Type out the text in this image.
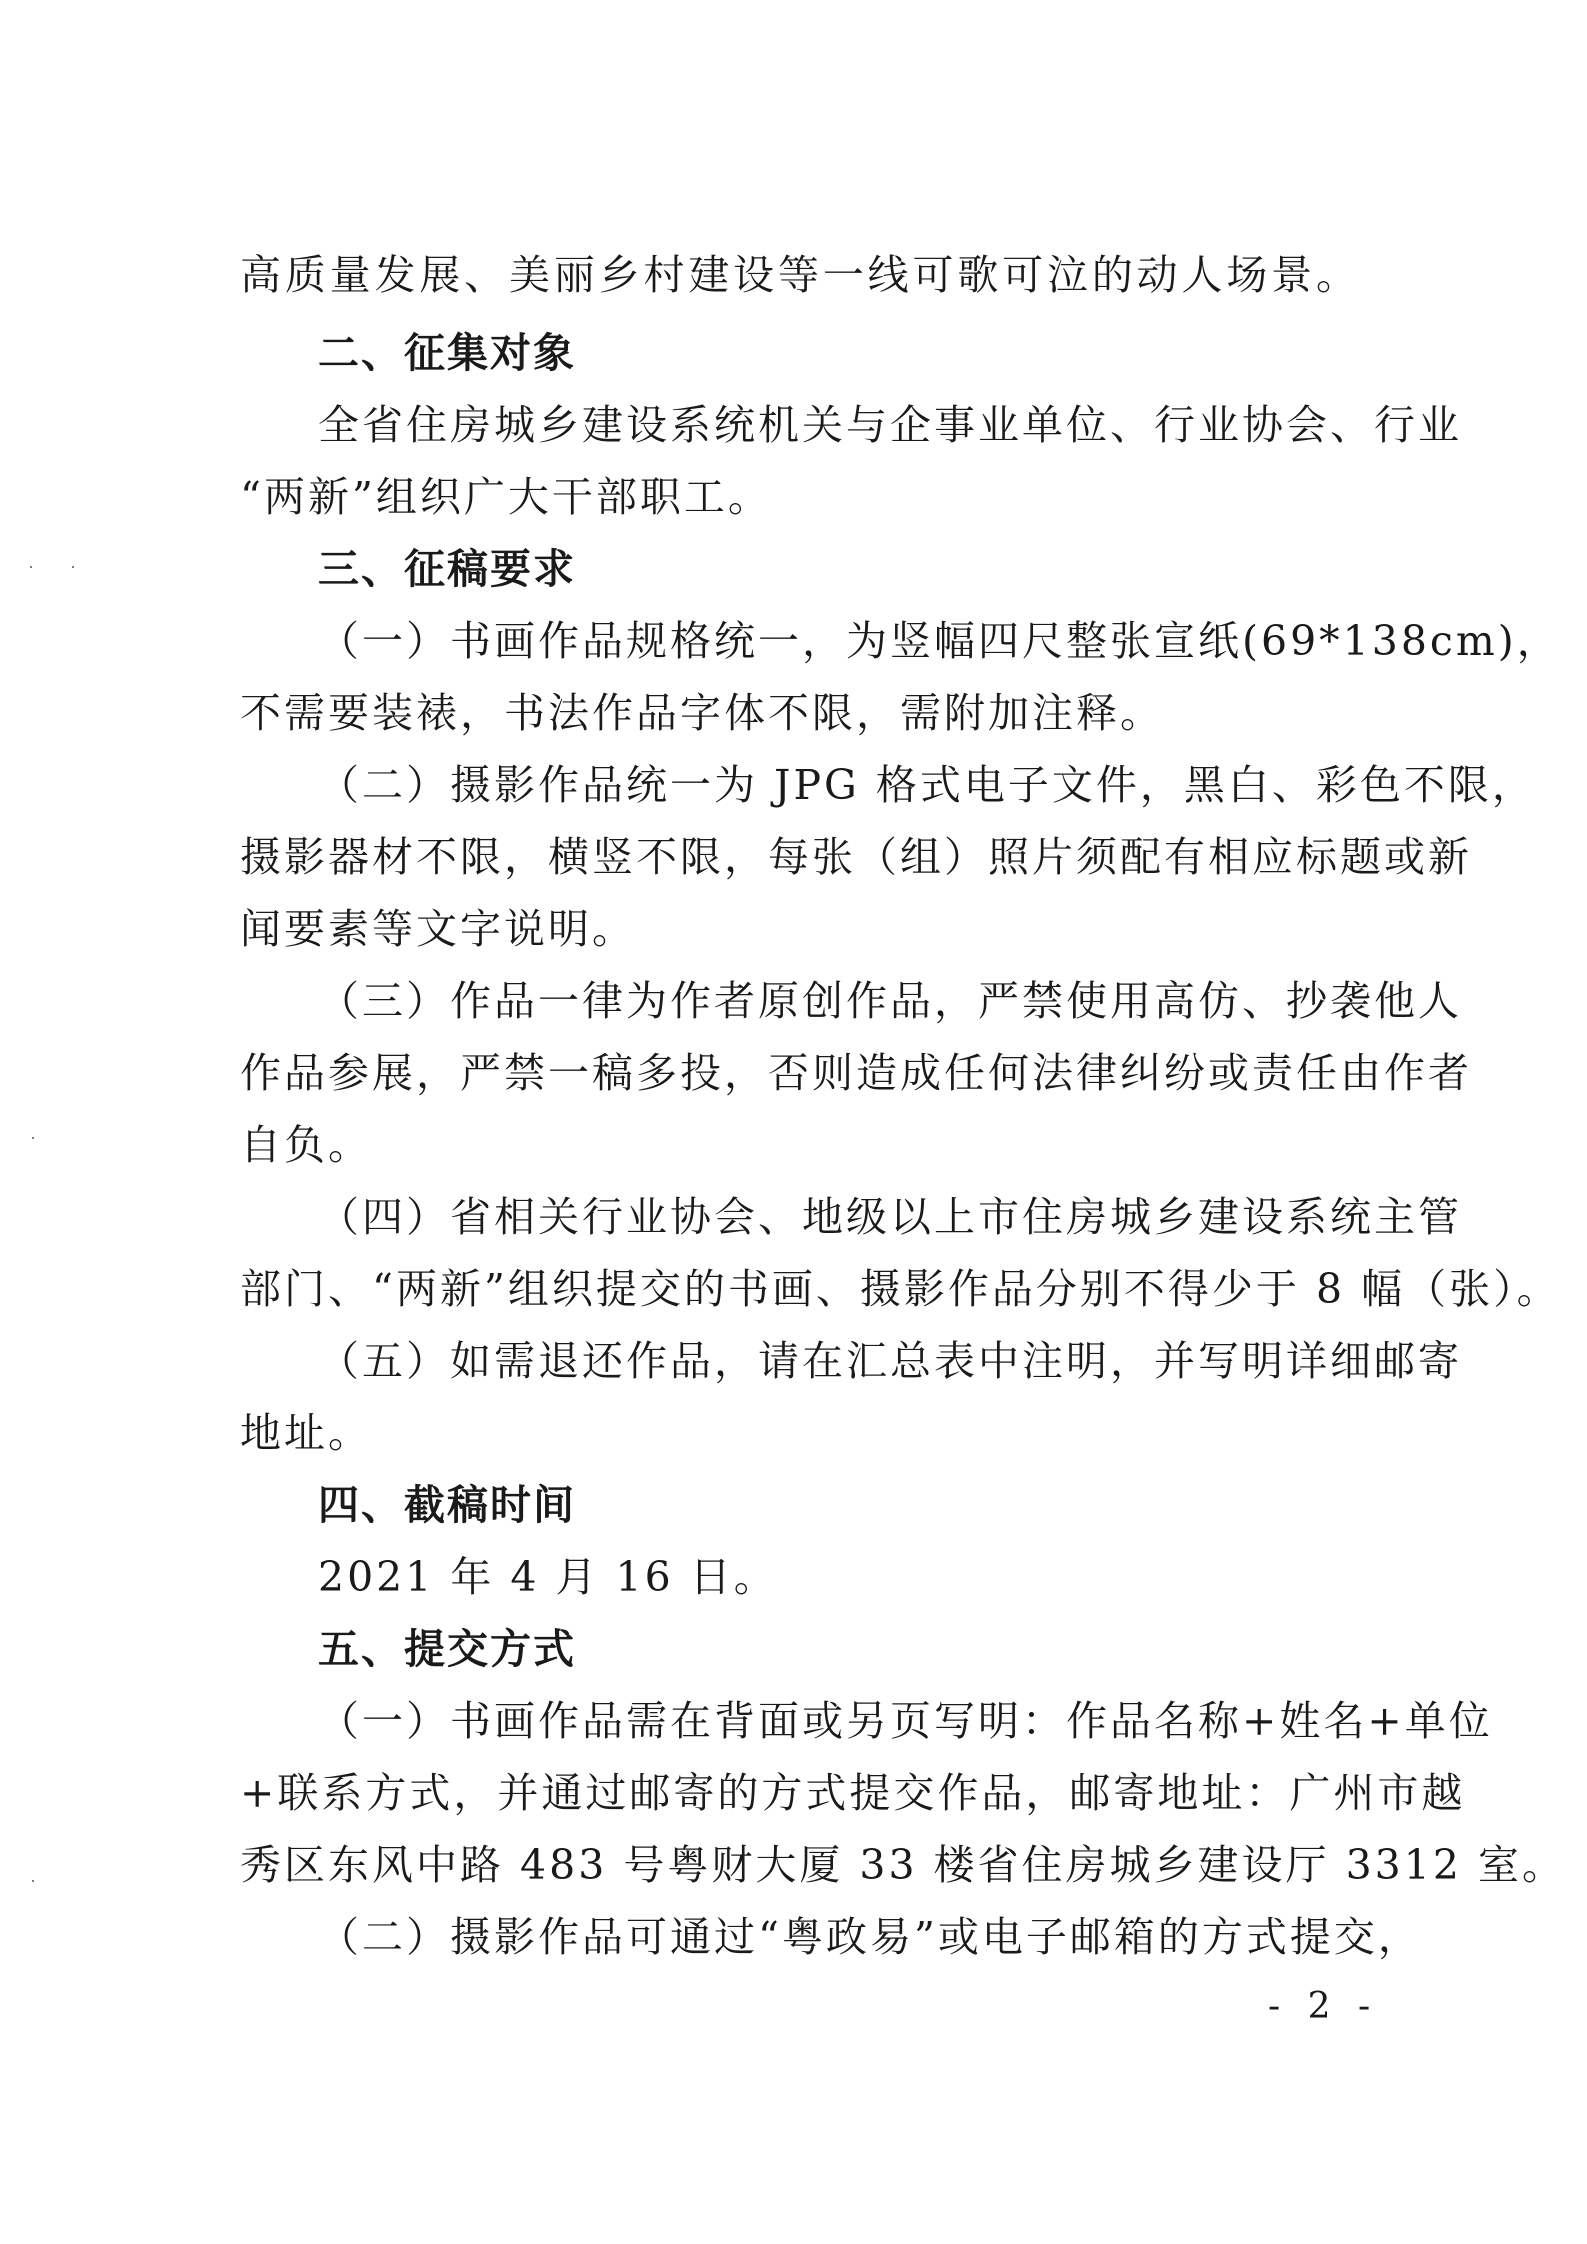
高质量发展、美丽乡村建设等一线可歌可泣的动人场景。
二、征集对象
全省住房城乡建设系统机关与企事业单位、行业协会、行业
“两新”组织广大干部职工。
三、征稿要求
（一）书画作品规格统一，为竖幅四尺整张宣纸(69*138cm)，
不需要装裱，书法作品字体不限，需附加注释。
（二）摄影作品统一为 JPG 格式电子文件，黑白、彩色不限，
摄影器材不限，横竖不限，每张（组）照片须配有相应标题或新
闻要素等文字说明。
（三）作品一律为作者原创作品，严禁使用高仿、抄袭他人
作品参展，严禁一稿多投，否则造成任何法律纠纷或责任由作者
自负。
（四）省相关行业协会、地级以上市住房城乡建设系统主管
部门、“两新”组织提交的书画、摄影作品分别不得少于 8 幅（张）。
（五）如需退还作品，请在汇总表中注明，并写明详细邮寄
地址。
四、截稿时间
2021 年 4 月 16 日。
五、提交方式
（一）书画作品需在背面或另页写明：作品名称+姓名+单位
+联系方式，并通过邮寄的方式提交作品，邮寄地址：广州市越
秀区东风中路 483 号粤财大厦 33 楼省住房城乡建设厅 3312 室。
（二）摄影作品可通过“粤政易”或电子邮箱的方式提交，
- 2 -
